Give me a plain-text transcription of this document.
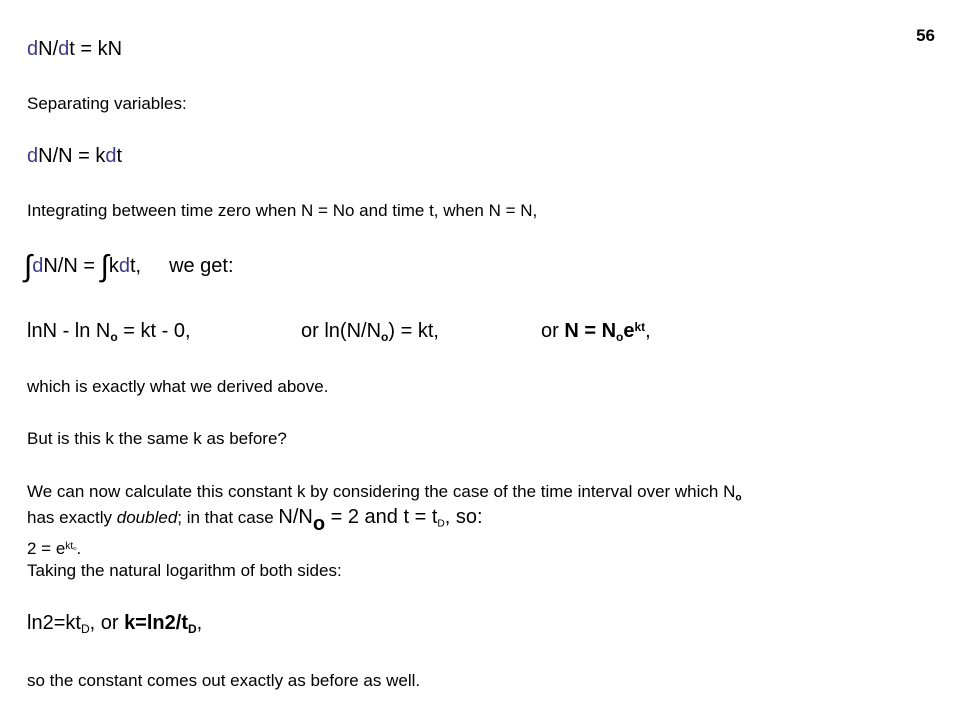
56
dN/dt = kN
Separating variables:
dN/N = kdt
Integrating between time zero when N = No and time t, when N = N,
∫dN/N = ∫kdt, we get:
lnN - $\ln N_o$ = kt - 0,	or $\ln(N/N_o)$ = kt,	or $N = N_oe^{kt}$,
which is exactly what we derived above.
But is this k the same k as before?
We can now calculate this constant k by considering the case of the time interval over which $N_o$
has exactly doubled; in that case $N/N_o = 2$ and $t = t_D$, so:
$2 = e^{ktD}$.
Taking the natural logarithm of both sides:
$\ln 2=kt_D$, or $k=\ln 2/t_D$,
so the constant comes out exactly as before as well.
